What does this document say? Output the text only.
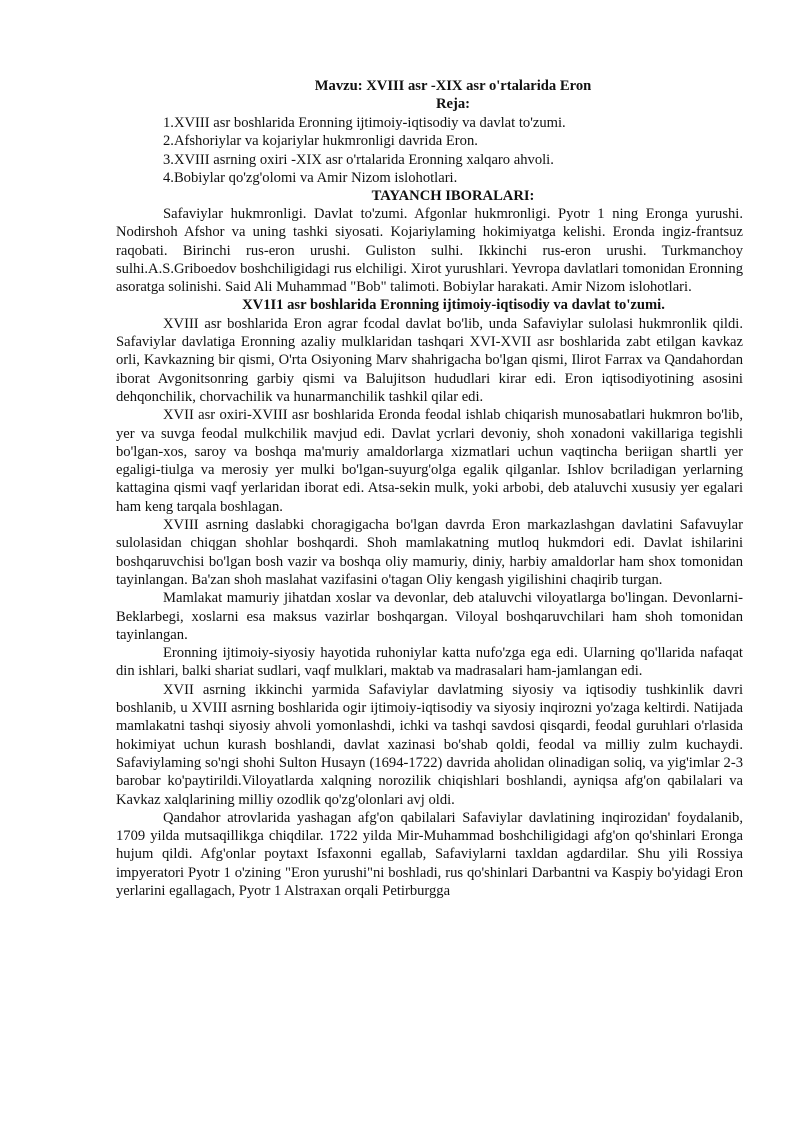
Mavzu: XVIII asr -XIX asr o'rtalarida Eron
Reja:
1.XVIII asr boshlarida Eronning ijtimoiy-iqtisodiy va davlat to'zumi.
2.Afshoriylar va kojariylar hukmronligi davrida Eron.
3.XVIII asrning oxiri -XIX asr o'rtalarida Eronning xalqaro ahvoli.
4.Bobiylar qo'zg'olomi va Amir Nizom islohotlari.
TAYANCH IBORALARI:

Safaviylar hukmronligi. Davlat to'zumi. Afgonlar hukmronligi. Pyotr 1 ning Eronga yurushi. Nodirshoh Afshor va uning tashki siyosati. Kojariylaming hokimiyatga kelishi. Eronda ingiz-frantsuz raqobati. Birinchi rus-eron urushi. Guliston sulhi. Ikkinchi rus-eron urushi. Turkmanchoy sulhi.A.S.Griboedov boshchiligidagi rus elchiligi. Xirot yurushlari. Yevropa davlatlari tomonidan Eronning asoratga solinishi. Said Ali Muhammad "Bob" talimoti. Bobiylar harakati. Amir Nizom islohotlari.

XV1I1 asr boshlarida Eronning ijtimoiy-iqtisodiy va davlat to'zumi.

XVIII asr boshlarida Eron agrar fcodal davlat bo'lib, unda Safaviylar sulolasi hukmronlik qildi. Safaviylar davlatiga Eronning azaliy mulklaridan tashqari XVI-XVII asr boshlarida zabt etilgan kavkaz orli, Kavkazning bir qismi, O'rta Osiyoning Marv shahrigacha bo'lgan qismi, Ilirot Farrax va Qandahordan iborat Avgonitsonring garbiy qismi va Balujitson hududlari kirar edi. Eron iqtisodiyotining asosini dehqonchilik, chorvachilik va hunarmanchilik tashkil qilar edi.

XVII asr oxiri-XVIII asr boshlarida Eronda feodal ishlab chiqarish munosabatlari hukmron bo'lib, yer va suvga feodal mulkchilik mavjud edi. Davlat ycrlari devoniy, shoh xonadoni vakillariga tegishli bo'lgan-xos, saroy va boshqa ma'muriy amaldorlarga xizmatlari uchun vaqtincha beriigan shartli yer egaligi-tiulga va merosiy yer mulki bo'lgan-suyurg'olga egalik qilganlar. Ishlov bcriladigan yerlarning kattagina qismi vaqf yerlaridan iborat edi. Atsa-sekin mulk, yoki arbobi, deb ataluvchi xususiy yer egalari ham keng tarqala boshlagan.

XVIII asrning daslabki choragigacha bo'lgan davrda Eron markazlashgan davlatini Safavuylar sulolasidan chiqgan shohlar boshqardi. Shoh mamlakatning mutloq hukmdori edi. Davlat ishilarini boshqaruvchisi bo'lgan bosh vazir va boshqa oliy mamuriy, diniy, harbiy amaldorlar ham shox tomonidan tayinlangan. Ba'zan shoh maslahat vazifasini o'tagan Oliy kengash yigilishini chaqirib turgan.

Mamlakat mamuriy jihatdan xoslar va devonlar, deb ataluvchi viloyatlarga bo'lingan. Devonlarni-Beklarbegi, xoslarni esa maksus vazirlar boshqargan. Viloyal boshqaruvchilari ham shoh tomonidan tayinlangan.

Eronning ijtimoiy-siyosiy hayotida ruhoniylar katta nufo'zga ega edi. Ularning qo'llarida nafaqat din ishlari, balki shariat sudlari, vaqf mulklari, maktab va madrasalari ham-jamlangan edi.

XVII asrning ikkinchi yarmida Safaviylar davlatming siyosiy va iqtisodiy tushkinlik davri boshlanib, u XVIII asrning boshlarida ogir ijtimoiy-iqtisodiy va siyosiy inqirozni yo'zaga keltirdi. Natijada mamlakatni tashqi siyosiy ahvoli yomonlashdi, ichki va tashqi savdosi qisqardi, feodal guruhlari o'rlasida hokimiyat uchun kurash boshlandi, davlat xazinasi bo'shab qoldi, feodal va milliy zulm kuchaydi. Safaviylaming so'ngi shohi Sulton Husayn (1694-1722) davrida aholidan olinadigan soliq, va yig'imlar 2-3 barobar ko'paytirildi.Viloyatlarda xalqning norozilik chiqishlari boshlandi, ayniqsa afg'on qabilalari va Kavkaz xalqlarining milliy ozodlik qo'zg'olonlari avj oldi.

Qandahor atrovlarida yashagan afg'on qabilalari Safaviylar davlatining inqirozidan' foydalanib, 1709 yilda mutsaqillikga chiqdilar. 1722 yilda Mir-Muhammad boshchiligidagi afg'on qo'shinlari Eronga hujum qildi. Afg'onlar poytaxt Isfaxonni egallab, Safaviylarni taxldan agdardilar. Shu yili Rossiya impyeratori Pyotr 1 o'zining "Eron yurushi"ni boshladi, rus qo'shinlari Darbantni va Kaspiy bo'yidagi Eron yerlarini egallagach, Pyotr 1 Alstraxan orqali Petirburgga
